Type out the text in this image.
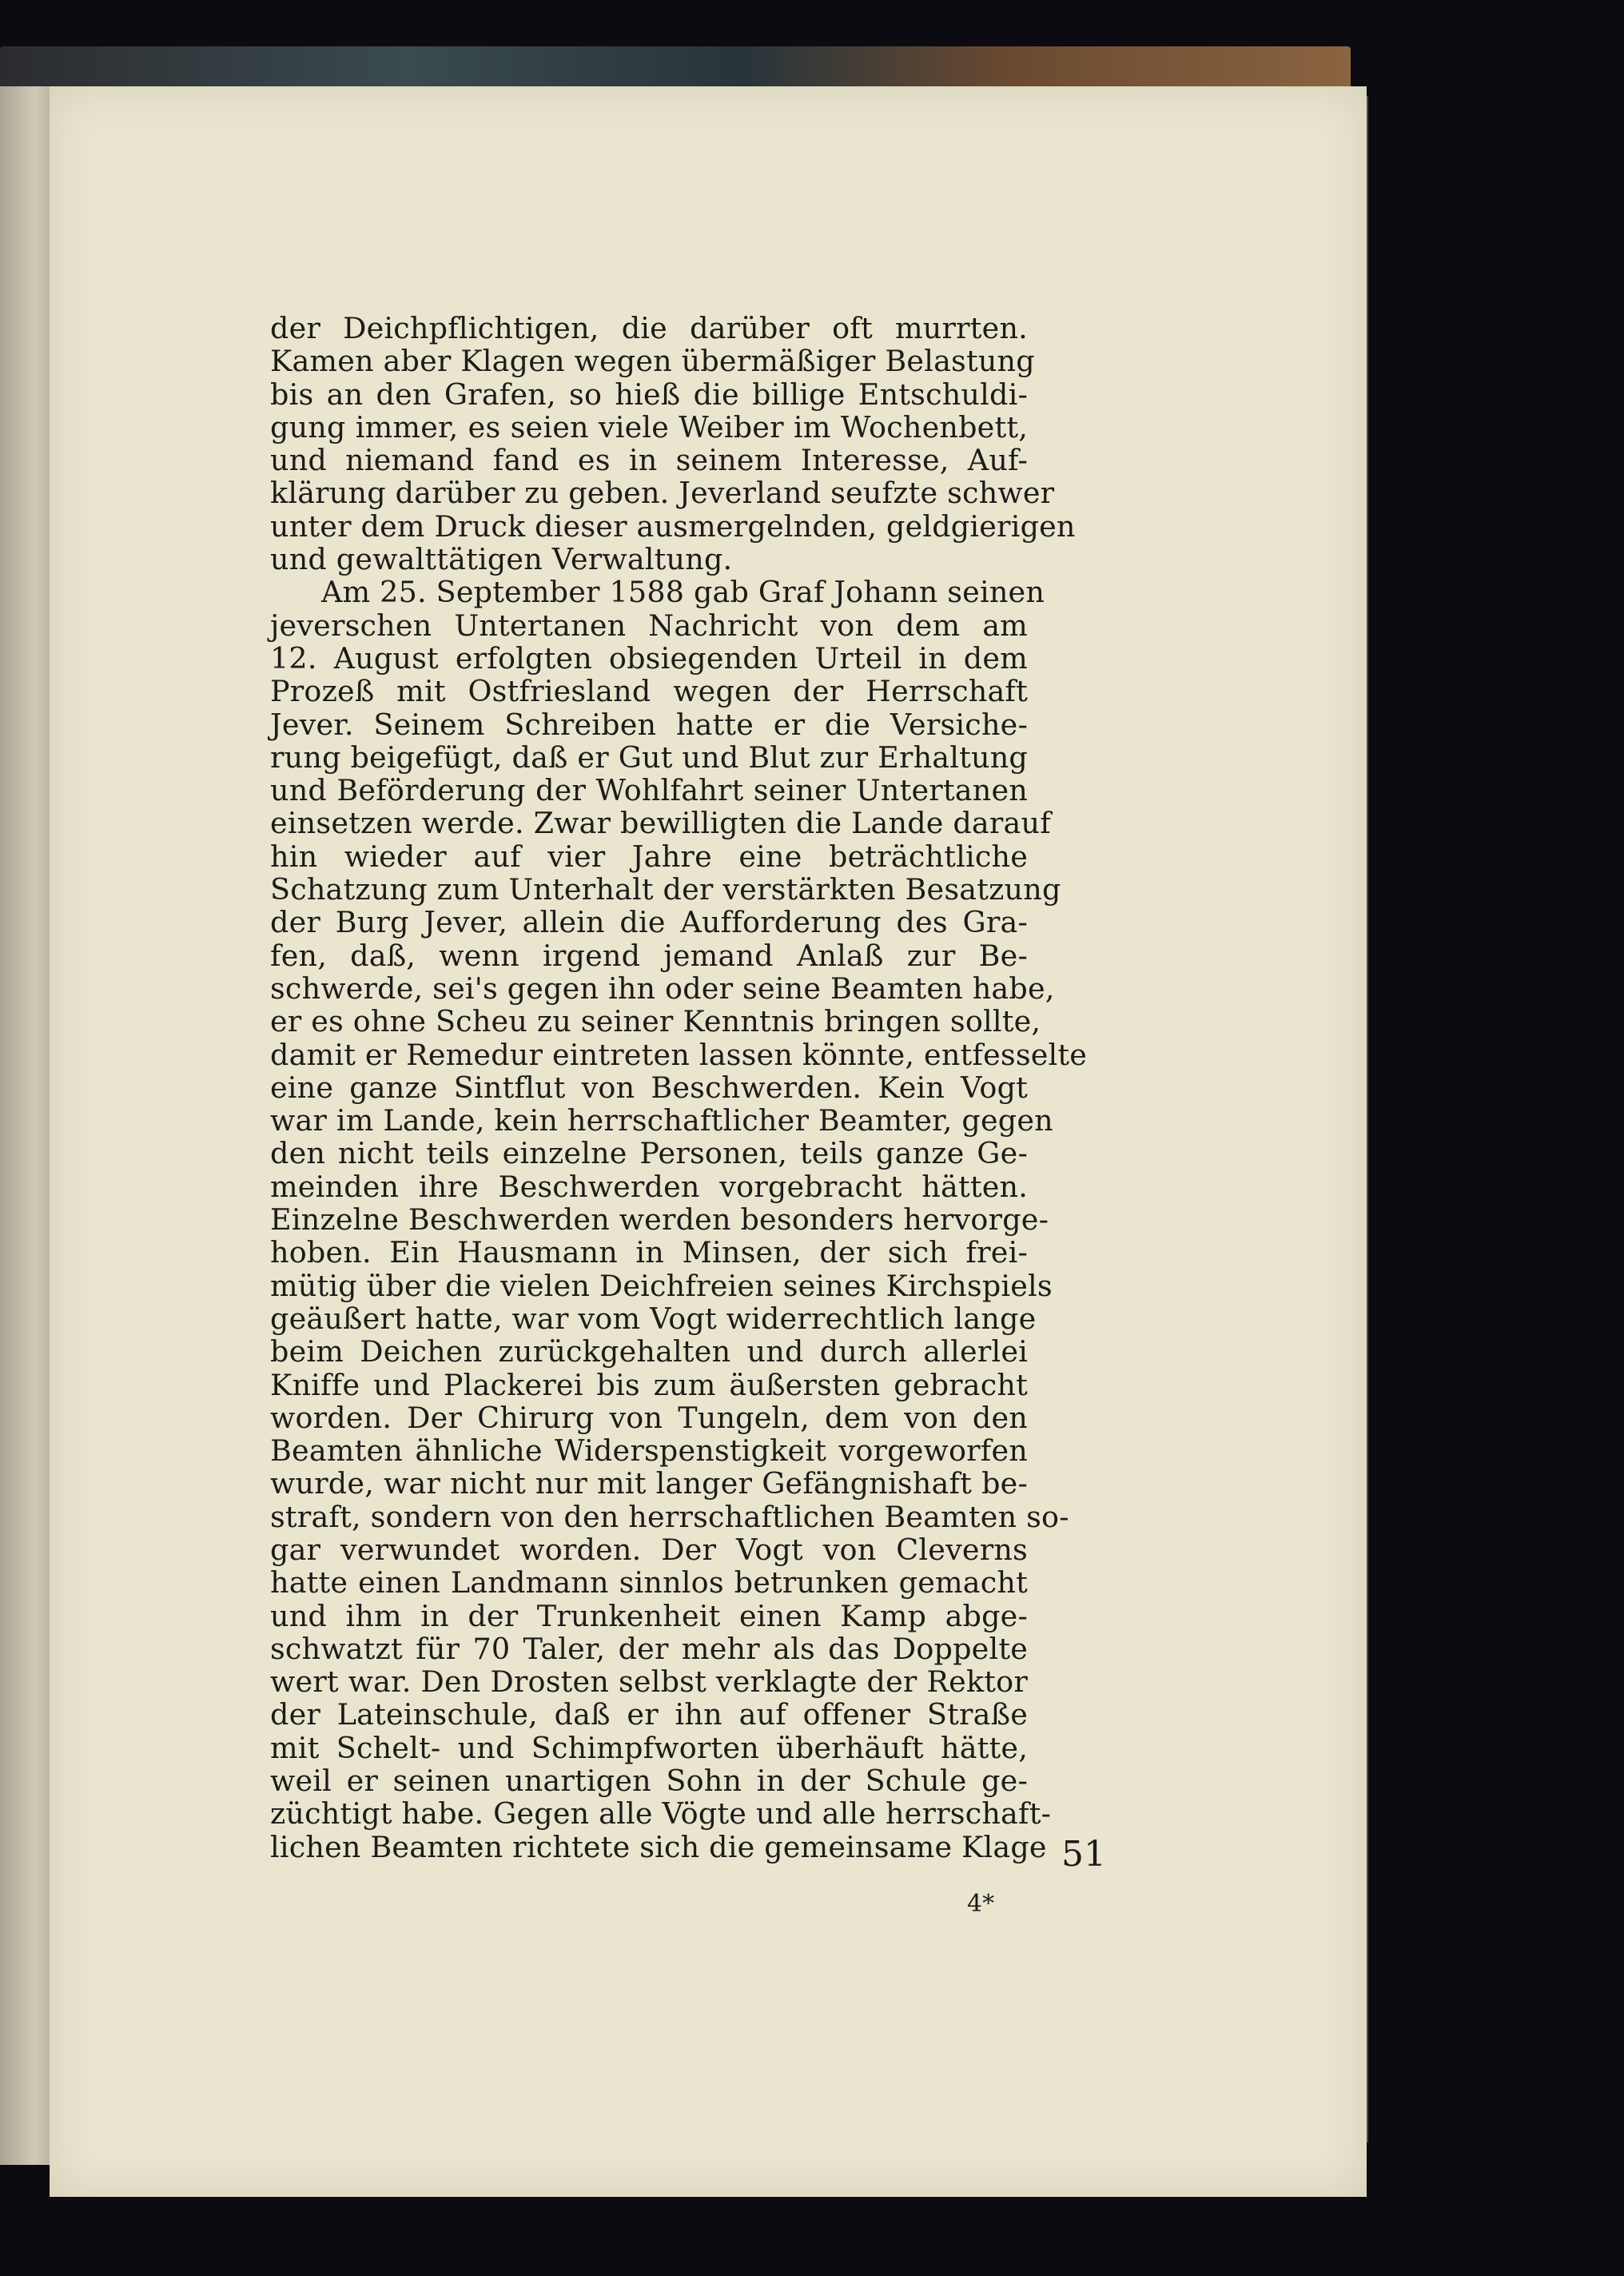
der Deichpflichtigen, die darüber oft murrten.
Kamen aber Klagen wegen übermäßiger Belastung
bis an den Grafen, so hieß die billige Entschuldi-
gung immer, es seien viele Weiber im Wochenbett,
und niemand fand es in seinem Interesse, Auf-
klärung darüber zu geben. Jeverland seufzte schwer
unter dem Druck dieser ausmergelnden, geldgierigen
und gewalttätigen Verwaltung.
Am 25. September 1588 gab Graf Johann seinen
jeverschen Untertanen Nachricht von dem am
12. August erfolgten obsiegenden Urteil in dem
Prozeß mit Ostfriesland wegen der Herrschaft
Jever. Seinem Schreiben hatte er die Versiche-
rung beigefügt, daß er Gut und Blut zur Erhaltung
und Beförderung der Wohlfahrt seiner Untertanen
einsetzen werde. Zwar bewilligten die Lande darauf
hin wieder auf vier Jahre eine beträchtliche
Schatzung zum Unterhalt der verstärkten Besatzung
der Burg Jever, allein die Aufforderung des Gra-
fen, daß, wenn irgend jemand Anlaß zur Be-
schwerde, sei's gegen ihn oder seine Beamten habe,
er es ohne Scheu zu seiner Kenntnis bringen sollte,
damit er Remedur eintreten lassen könnte, entfesselte
eine ganze Sintflut von Beschwerden. Kein Vogt
war im Lande, kein herrschaftlicher Beamter, gegen
den nicht teils einzelne Personen, teils ganze Ge-
meinden ihre Beschwerden vorgebracht hätten.
Einzelne Beschwerden werden besonders hervorge-
hoben. Ein Hausmann in Minsen, der sich frei-
mütig über die vielen Deichfreien seines Kirchspiels
geäußert hatte, war vom Vogt widerrechtlich lange
beim Deichen zurückgehalten und durch allerlei
Kniffe und Plackerei bis zum äußersten gebracht
worden. Der Chirurg von Tungeln, dem von den
Beamten ähnliche Widerspenstigkeit vorgeworfen
wurde, war nicht nur mit langer Gefängnishaft be-
straft, sondern von den herrschaftlichen Beamten so-
gar verwundet worden. Der Vogt von Cleverns
hatte einen Landmann sinnlos betrunken gemacht
und ihm in der Trunkenheit einen Kamp abge-
schwatzt für 70 Taler, der mehr als das Doppelte
wert war. Den Drosten selbst verklagte der Rektor
der Lateinschule, daß er ihn auf offener Straße
mit Schelt- und Schimpfworten überhäuft hätte,
weil er seinen unartigen Sohn in der Schule ge-
züchtigt habe. Gegen alle Vögte und alle herrschaft-
lichen Beamten richtete sich die gemeinsame Klage 51
4*
